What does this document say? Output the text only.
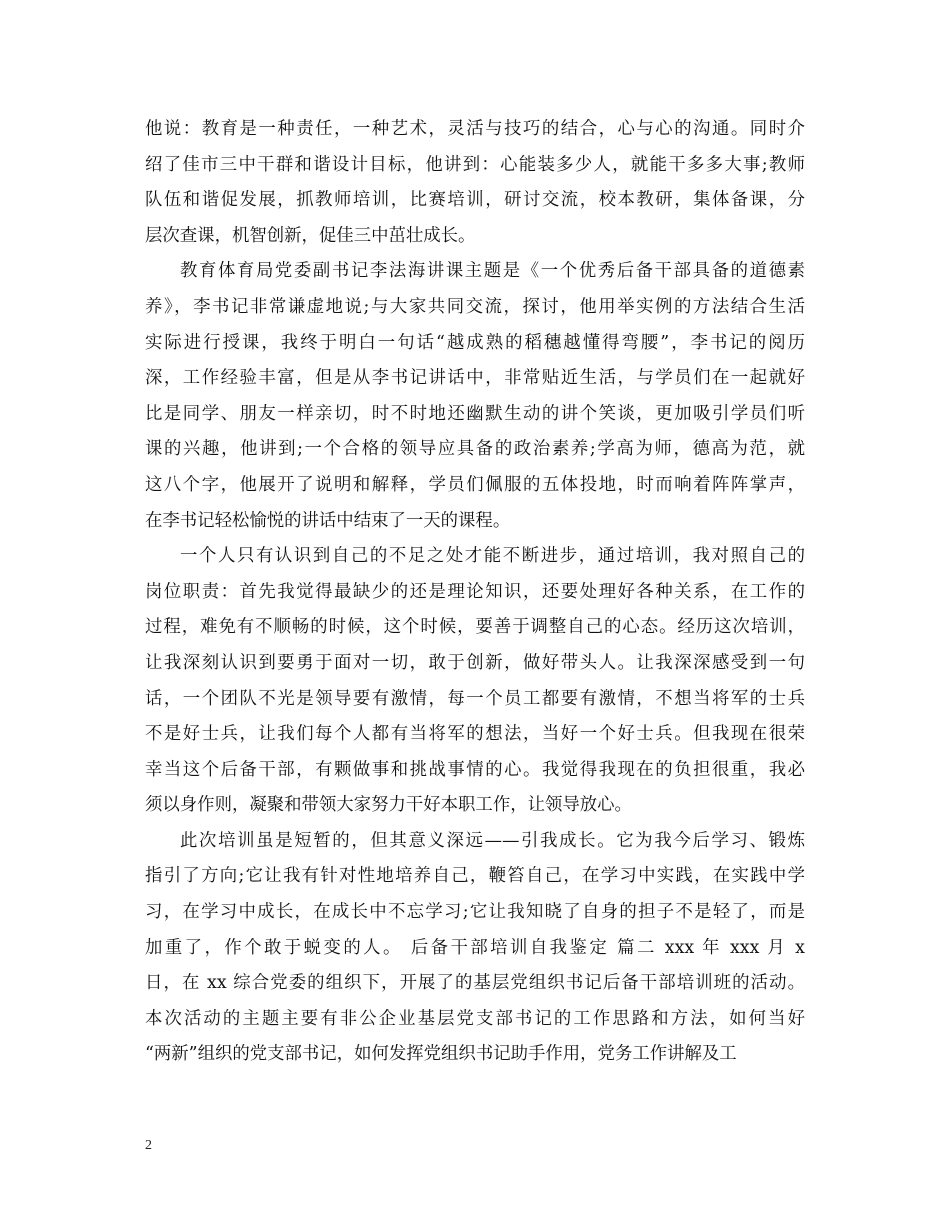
他说：教育是一种责任，一种艺术，灵活与技巧的结合，心与心的沟通。同时介
绍了佳市三中干群和谐设计目标，他讲到：心能装多少人，就能干多多大事;教师
队伍和谐促发展，抓教师培训，比赛培训，研讨交流，校本教研，集体备课，分
层次查课，机智创新，促佳三中茁壮成长。
教育体育局党委副书记李法海讲课主题是《一个优秀后备干部具备的道德素
养》，李书记非常谦虚地说;与大家共同交流，探讨，他用举实例的方法结合生活
实际进行授课，我终于明白一句话“越成熟的稻穗越懂得弯腰”，李书记的阅历
深，工作经验丰富，但是从李书记讲话中，非常贴近生活，与学员们在一起就好
比是同学、朋友一样亲切，时不时地还幽默生动的讲个笑谈，更加吸引学员们听
课的兴趣，他讲到;一个合格的领导应具备的政治素养;学高为师，德高为范，就
这八个字，他展开了说明和解释，学员们佩服的五体投地，时而响着阵阵掌声，
在李书记轻松愉悦的讲话中结束了一天的课程。
一个人只有认识到自己的不足之处才能不断进步，通过培训，我对照自己的
岗位职责：首先我觉得最缺少的还是理论知识，还要处理好各种关系，在工作的
过程，难免有不顺畅的时候，这个时候，要善于调整自己的心态。经历这次培训，
让我深刻认识到要勇于面对一切，敢于创新，做好带头人。让我深深感受到一句
话，一个团队不光是领导要有激情，每一个员工都要有激情，不想当将军的士兵
不是好士兵，让我们每个人都有当将军的想法，当好一个好士兵。但我现在很荣
幸当这个后备干部，有颗做事和挑战事情的心。我觉得我现在的负担很重，我必
须以身作则，凝聚和带领大家努力干好本职工作，让领导放心。
此次培训虽是短暂的，但其意义深远——引我成长。它为我今后学习、锻炼
指引了方向;它让我有针对性地培养自己，鞭笞自己，在学习中实践，在实践中学
习，在学习中成长，在成长中不忘学习;它让我知晓了自身的担子不是轻了，而是
加重了，作个敢于蜕变的人。 后备干部培训自我鉴定 篇二 xxx 年 xxx 月 x
日，在 xx 综合党委的组织下，开展了的基层党组织书记后备干部培训班的活动。
本次活动的主题主要有非公企业基层党支部书记的工作思路和方法，如何当好
“两新”组织的党支部书记，如何发挥党组织书记助手作用，党务工作讲解及工
2
